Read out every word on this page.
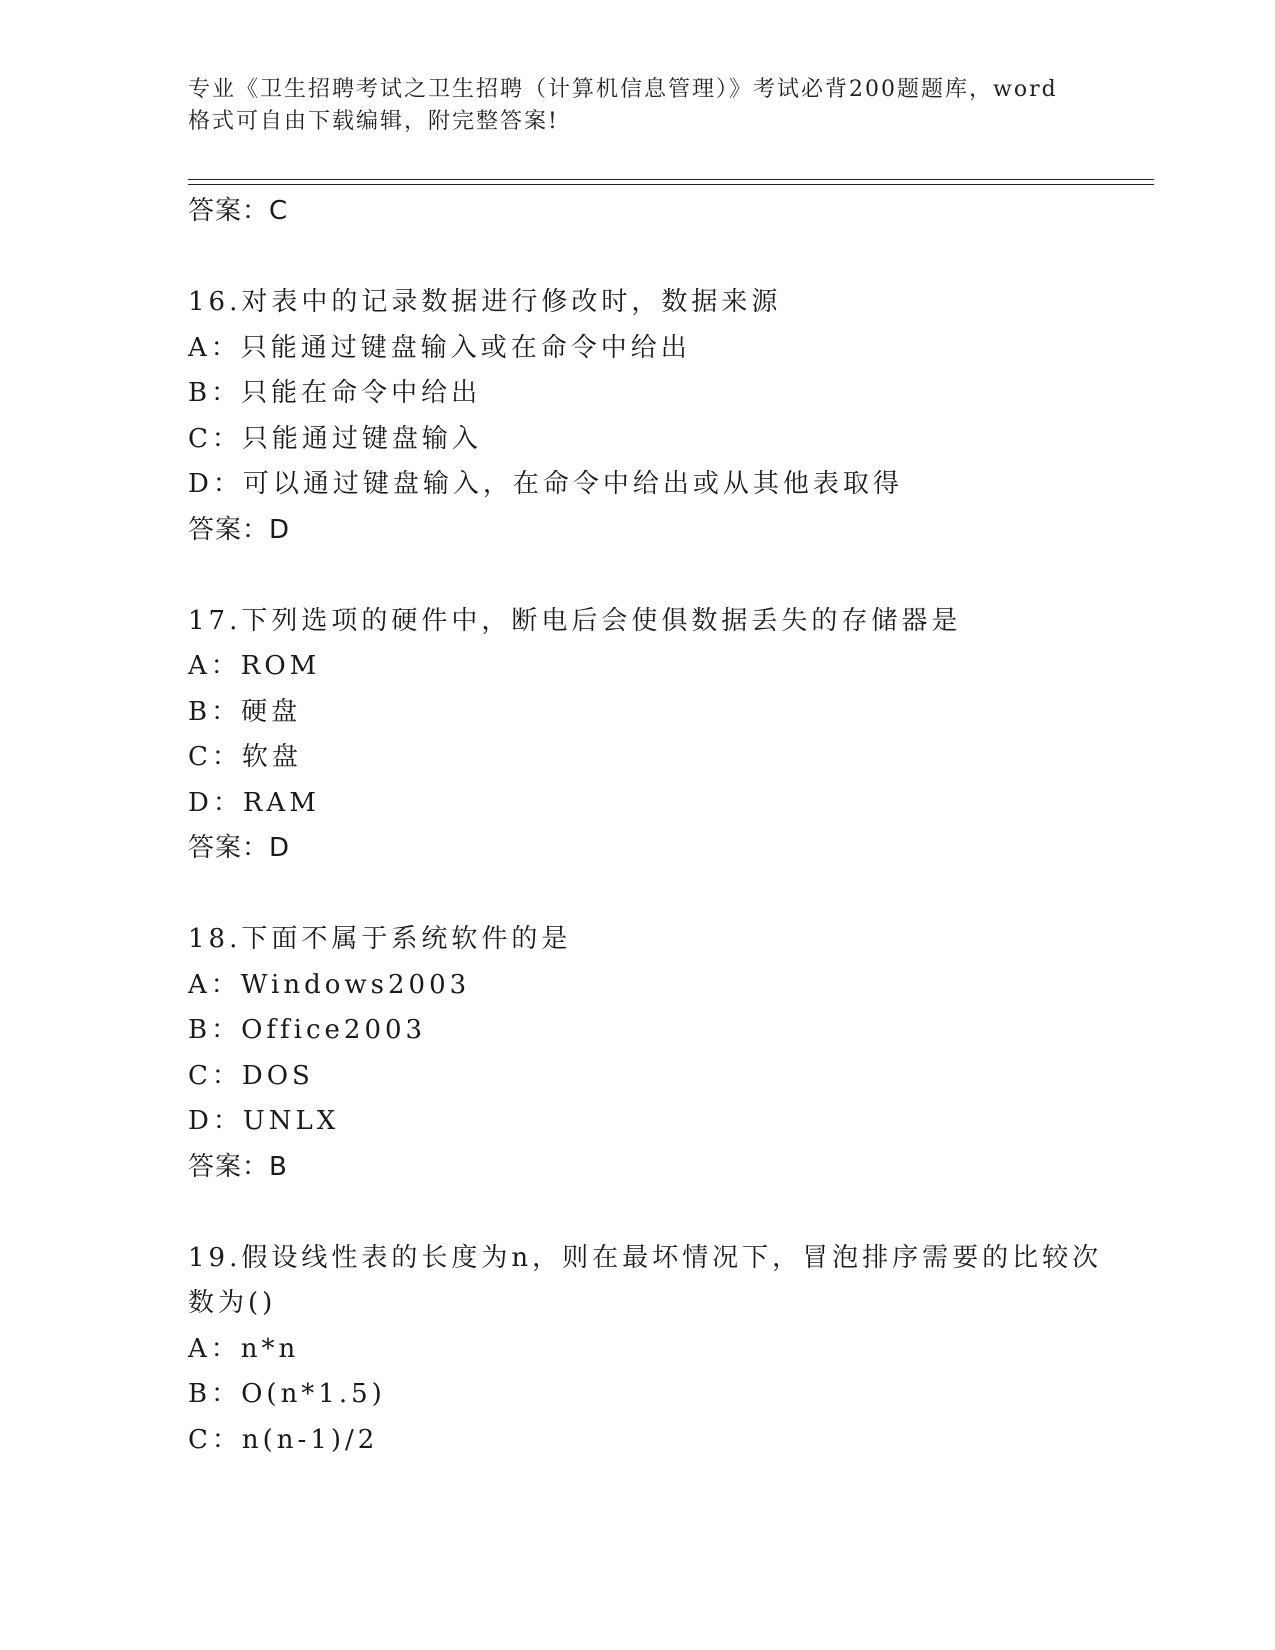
专业《卫生招聘考试之卫生招聘（计算机信息管理）》考试必背200题题库，word
格式可自由下载编辑，附完整答案!
答案：C
16.对表中的记录数据进行修改时，数据来源
A：只能通过键盘输入或在命令中给出
B：只能在命令中给出
C：只能通过键盘输入
D：可以通过键盘输入，在命令中给出或从其他表取得
答案：D
17.下列选项的硬件中，断电后会使俱数据丢失的存储器是
A：ROM
B：硬盘
C：软盘
D：RAM
答案：D
18.下面不属于系统软件的是
A：Windows2003
B：Office2003
C：DOS
D：UNLX
答案：B
19.假设线性表的长度为n，则在最坏情况下，冒泡排序需要的比较次
数为()
A：n*n
B：O(n*1.5)
C：n(n-1)/2
